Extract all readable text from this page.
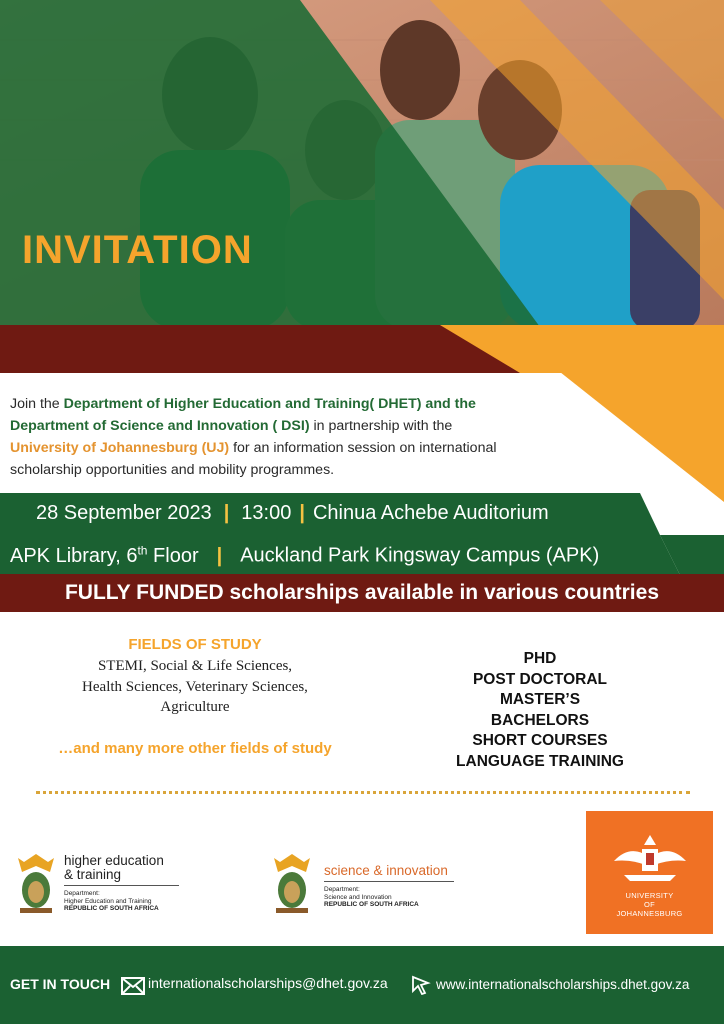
INVITATION
Join the Department of Higher Education and Training( DHET) and the
Department of Science and Innovation ( DSI) in partnership with the
University of Johannesburg (UJ) for an information session on international scholarship opportunities and mobility programmes.
28 September 2023 | 13:00 | Chinua Achebe Auditorium
APK Library, 6th Floor | Auckland Park Kingsway Campus (APK)
FULLY FUNDED scholarships available in various countries
FIELDS OF STUDY
STEMI, Social & Life Sciences,
Health Sciences, Veterinary Sciences,
Agriculture
…and many more other fields of study
PHD
POST DOCTORAL
MASTER’S
BACHELORS
SHORT COURSES
LANGUAGE TRAINING
higher education
& training
Department:
Higher Education and Training
REPUBLIC OF SOUTH AFRICA
science & innovation
Department:
Science and Innovation
REPUBLIC OF SOUTH AFRICA
UNIVERSITY
OF
JOHANNESBURG
GET IN TOUCH	internationalscholarships@dhet.gov.za	www.internationalscholarships.dhet.gov.za
